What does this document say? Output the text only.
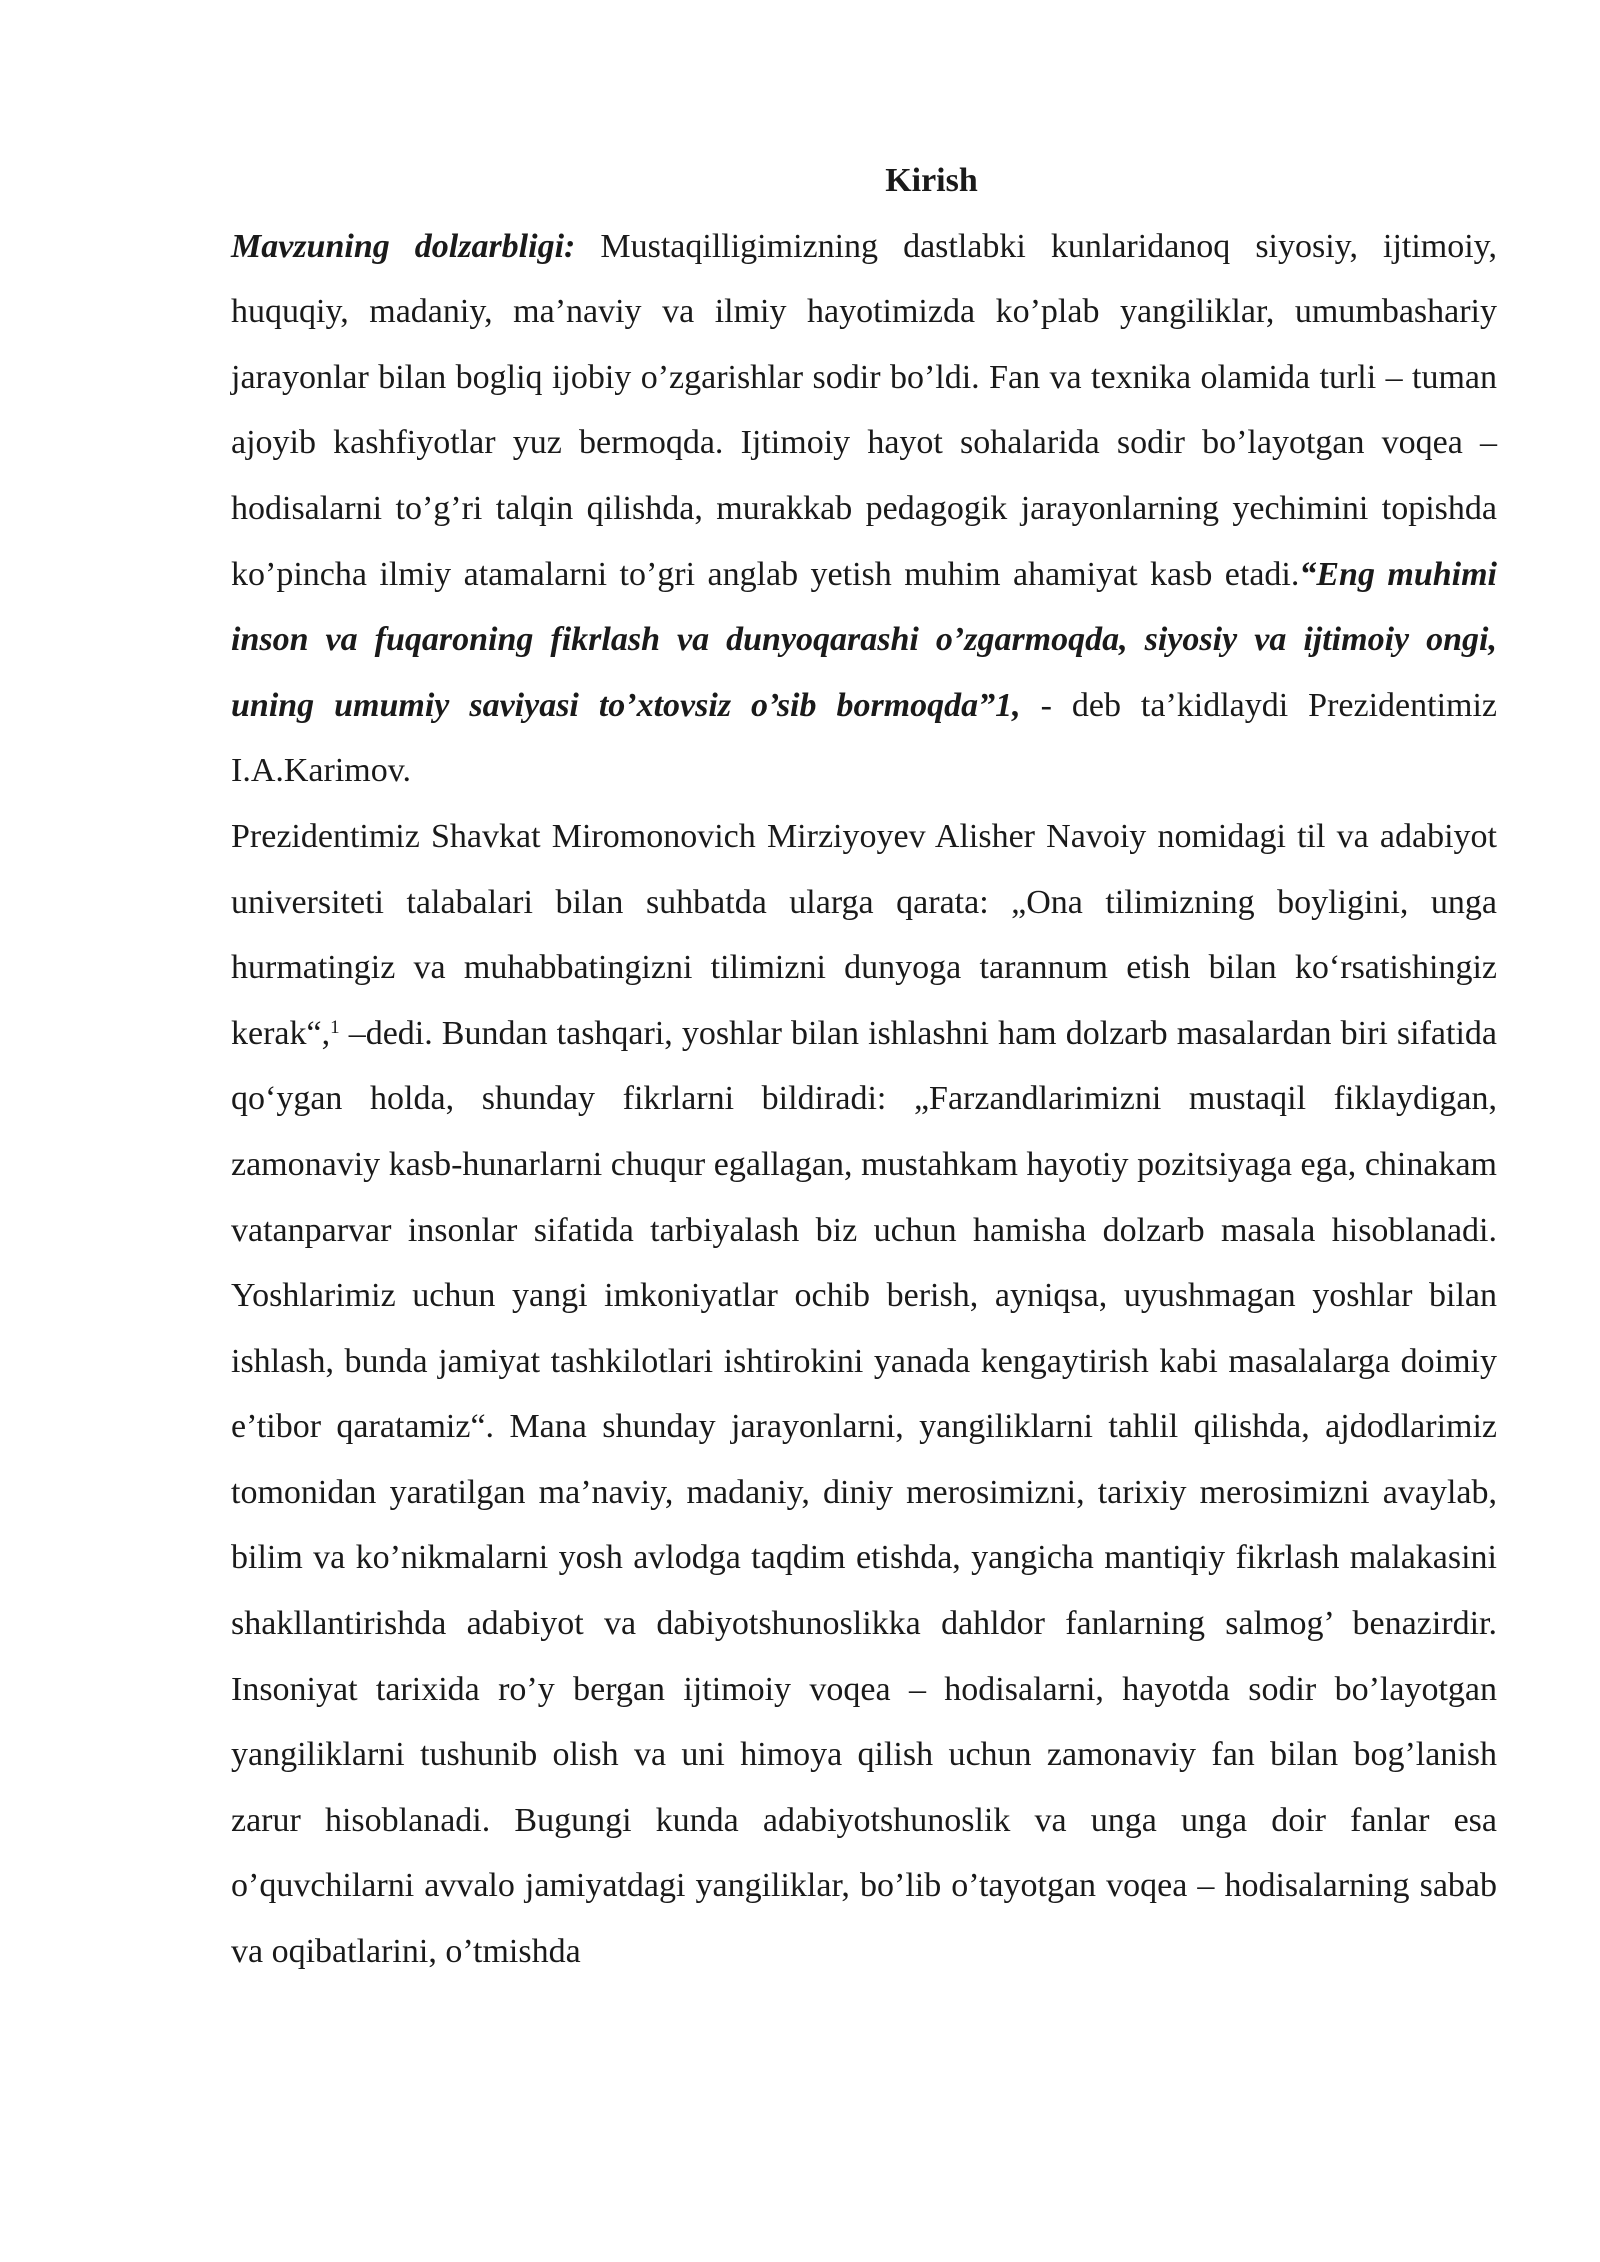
Kirish

Mavzuning dolzarbligi: Mustaqilligimizning dastlabki kunlaridanoq siyosiy, ijtimoiy, huquqiy, madaniy, ma’naviy va ilmiy hayotimizda ko’plab yangiliklar, umumbashariy jarayonlar bilan bogliq ijobiy o’zgarishlar sodir bo’ldi. Fan va texnika olamida turli – tuman ajoyib kashfiyotlar yuz bermoqda. Ijtimoiy hayot sohalarida sodir bo’layotgan voqea – hodisalarni to’g’ri talqin qilishda, murakkab pedagogik jarayonlarning yechimini topishda ko’pincha ilmiy atamalarni to’gri anglab yetish muhim ahamiyat kasb etadi.“Eng muhimi inson va fuqaroning fikrlash va dunyoqarashi o’zgarmoqda, siyosiy va ijtimoiy ongi, uning umumiy saviyasi to’xtovsiz o’sib bormoqda”1, - deb ta’kidlaydi Prezidentimiz I.A.Karimov.

Prezidentimiz Shavkat Miromonovich Mirziyoyev Alisher Navoiy nomidagi til va adabiyot universiteti talabalari bilan suhbatda ularga qarata: „Ona tilimizning boyligini, unga hurmatingiz va muhabbatingizni tilimizni dunyoga tarannum etish bilan ko‘rsatishingiz kerak“,$^1$ –dedi. Bundan tashqari, yoshlar bilan ishlashni ham dolzarb masalardan biri sifatida qo‘ygan holda, shunday fikrlarni bildiradi: „Farzandlarimizni mustaqil fiklaydigan, zamonaviy kasb-hunarlarni chuqur egallagan, mustahkam hayotiy pozitsiyaga ega, chinakam vatanparvar insonlar sifatida tarbiyalash biz uchun hamisha dolzarb masala hisoblanadi. Yoshlarimiz uchun yangi imkoniyatlar ochib berish, ayniqsa, uyushmagan yoshlar bilan ishlash, bunda jamiyat tashkilotlari ishtirokini yanada kengaytirish kabi masalalarga doimiy e’tibor qaratamiz“. Mana shunday jarayonlarni, yangiliklarni tahlil qilishda, ajdodlarimiz tomonidan yaratilgan ma’naviy, madaniy, diniy merosimizni, tarixiy merosimizni avaylab, bilim va ko’nikmalarni yosh avlodga taqdim etishda, yangicha mantiqiy fikrlash malakasini shakllantirishda adabiyot va dabiyotshunoslikka dahldor fanlarning salmog’ benazirdir. Insoniyat tarixida ro’y bergan ijtimoiy voqea – hodisalarni, hayotda sodir bo’layotgan yangiliklarni tushunib olish va uni himoya qilish uchun zamonaviy fan bilan bog’lanish zarur hisoblanadi. Bugungi kunda adabiyotshunoslik va unga unga doir fanlar esa o’quvchilarni avvalo jamiyatdagi yangiliklar, bo’lib o’tayotgan voqea – hodisalarning sabab va oqibatlarini, o’tmishda
